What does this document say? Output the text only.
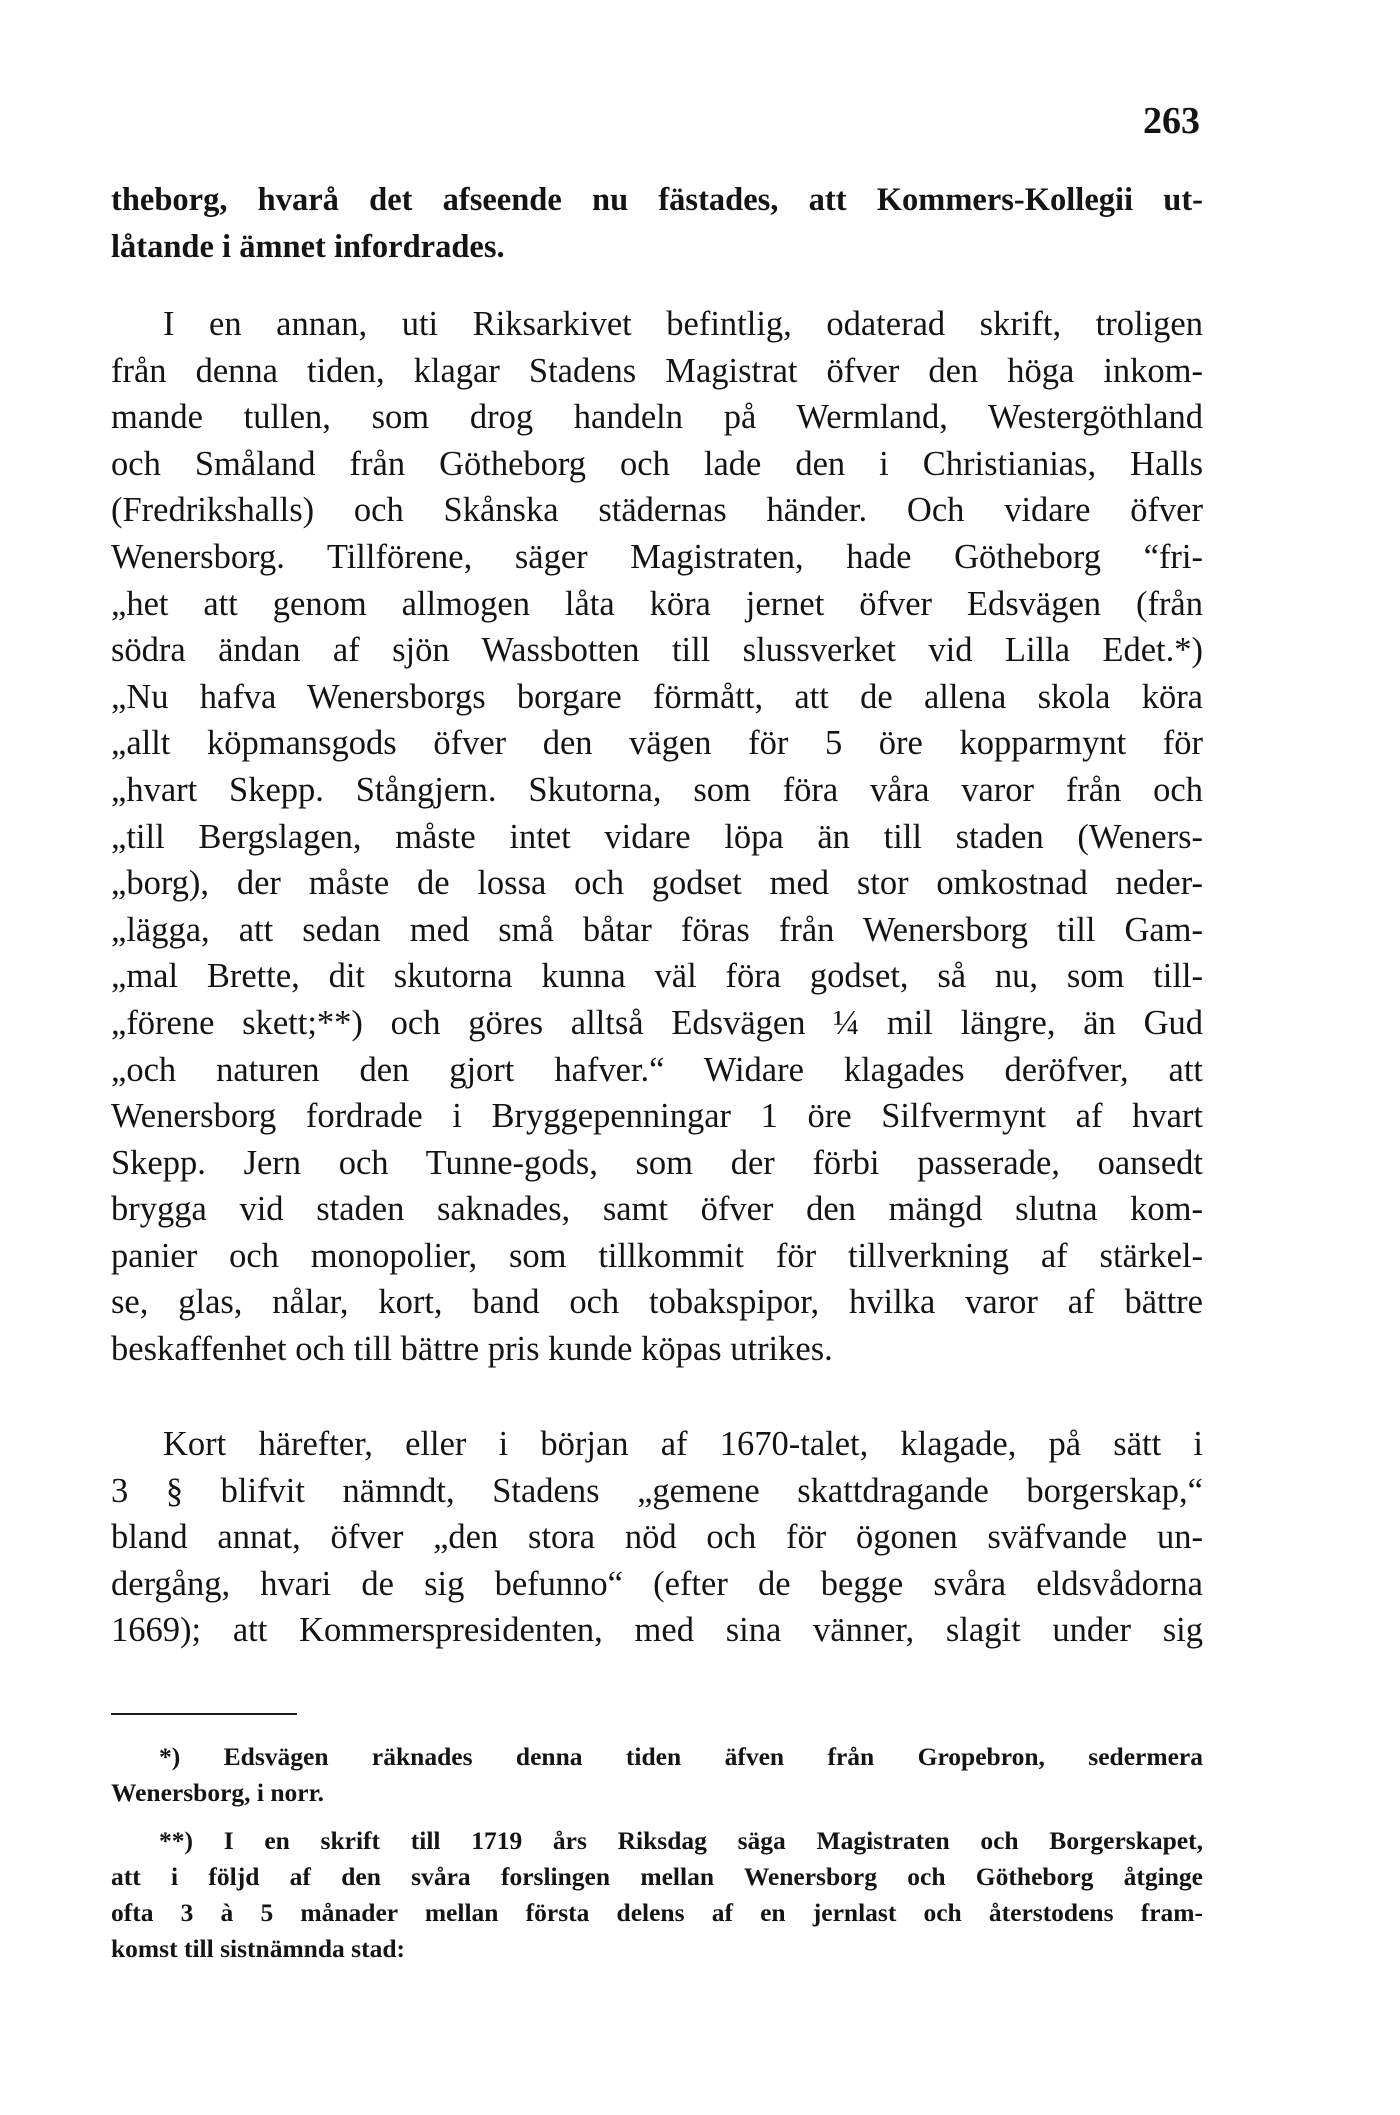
263
theborg, hvarå det afseende nu fästades, att Kommers-Kollegii ut-
låtande i ämnet infordrades.
I en annan, uti Riksarkivet befintlig, odaterad skrift, troligen
från denna tiden, klagar Stadens Magistrat öfver den höga inkom-
mande tullen, som drog handeln på Wermland, Westergöthland
och Småland från Götheborg och lade den i Christianias, Halls
(Fredrikshalls) och Skånska städernas händer. Och vidare öfver
Wenersborg. Tillförene, säger Magistraten, hade Götheborg “fri-
„het att genom allmogen låta köra jernet öfver Edsvägen (från
södra ändan af sjön Wassbotten till slussverket vid Lilla Edet.*)
„Nu hafva Wenersborgs borgare förmått, att de allena skola köra
„allt köpmansgods öfver den vägen för 5 öre kopparmynt för
„hvart Skepp. Stångjern. Skutorna, som föra våra varor från och
„till Bergslagen, måste intet vidare löpa än till staden (Weners-
„borg), der måste de lossa och godset med stor omkostnad neder-
„lägga, att sedan med små båtar föras från Wenersborg till Gam-
„mal Brette, dit skutorna kunna väl föra godset, så nu, som till-
„förene skett;**) och göres alltså Edsvägen ¼ mil längre, än Gud
„och naturen den gjort hafver.“ Widare klagades deröfver, att
Wenersborg fordrade i Bryggepenningar 1 öre Silfvermynt af hvart
Skepp. Jern och Tunne-gods, som der förbi passerade, oansedt
brygga vid staden saknades, samt öfver den mängd slutna kom-
panier och monopolier, som tillkommit för tillverkning af stärkel-
se, glas, nålar, kort, band och tobakspipor, hvilka varor af bättre
beskaffenhet och till bättre pris kunde köpas utrikes.
Kort härefter, eller i början af 1670-talet, klagade, på sätt i
3 § blifvit nämndt, Stadens „gemene skattdragande borgerskap,“
bland annat, öfver „den stora nöd och för ögonen sväfvande un-
dergång, hvari de sig befunno“ (efter de begge svåra eldsvådorna
1669); att Kommerspresidenten, med sina vänner, slagit under sig
*) Edsvägen räknades denna tiden äfven från Gropebron, sedermera
Wenersborg, i norr.
**) I en skrift till 1719 års Riksdag säga Magistraten och Borgerskapet,
att i följd af den svåra forslingen mellan Wenersborg och Götheborg åtginge
ofta 3 à 5 månader mellan första delens af en jernlast och återstodens fram-
komst till sistnämnda stad:
